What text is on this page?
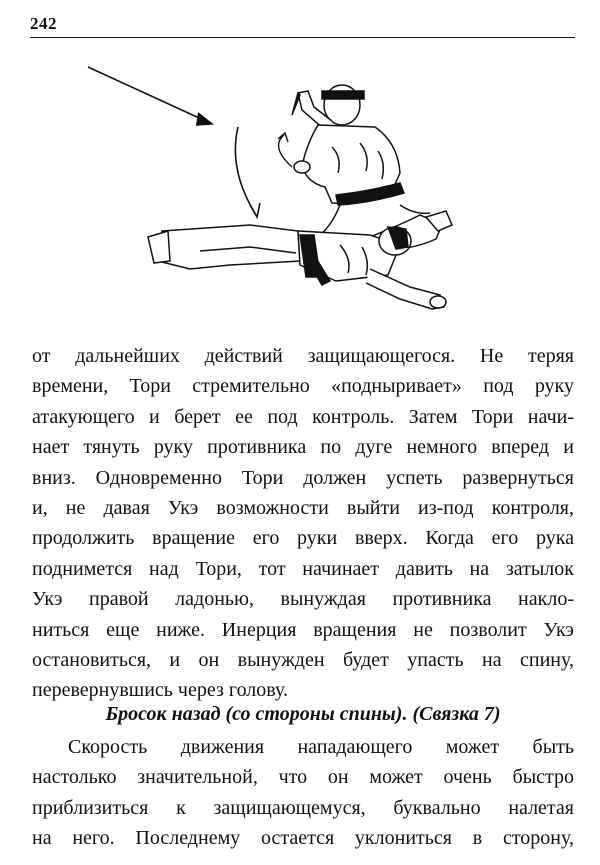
242
от дальнейших действий защищающегося. Не теряя
времени, Тори стремительно «подныривает» под руку
атакующего и берет ее под контроль. Затем Тори начи-
нает тянуть руку противника по дуге немного вперед и
вниз. Одновременно Тори должен успеть развернуться
и, не давая Укэ возможности выйти из-под контроля,
продолжить вращение его руки вверх. Когда его рука
поднимется над Тори, тот начинает давить на затылок
Укэ правой ладонью, вынуждая противника накло-
ниться еще ниже. Инерция вращения не позволит Укэ
остановиться, и он вынужден будет упасть на спину,
перевернувшись через голову.
Бросок назад (со стороны спины). (Связка 7)
Скорость движения нападающего может быть
настолько значительной, что он может очень быстро
приблизиться к защищающемуся, буквально налетая
на него. Последнему остается уклониться в сторону,
